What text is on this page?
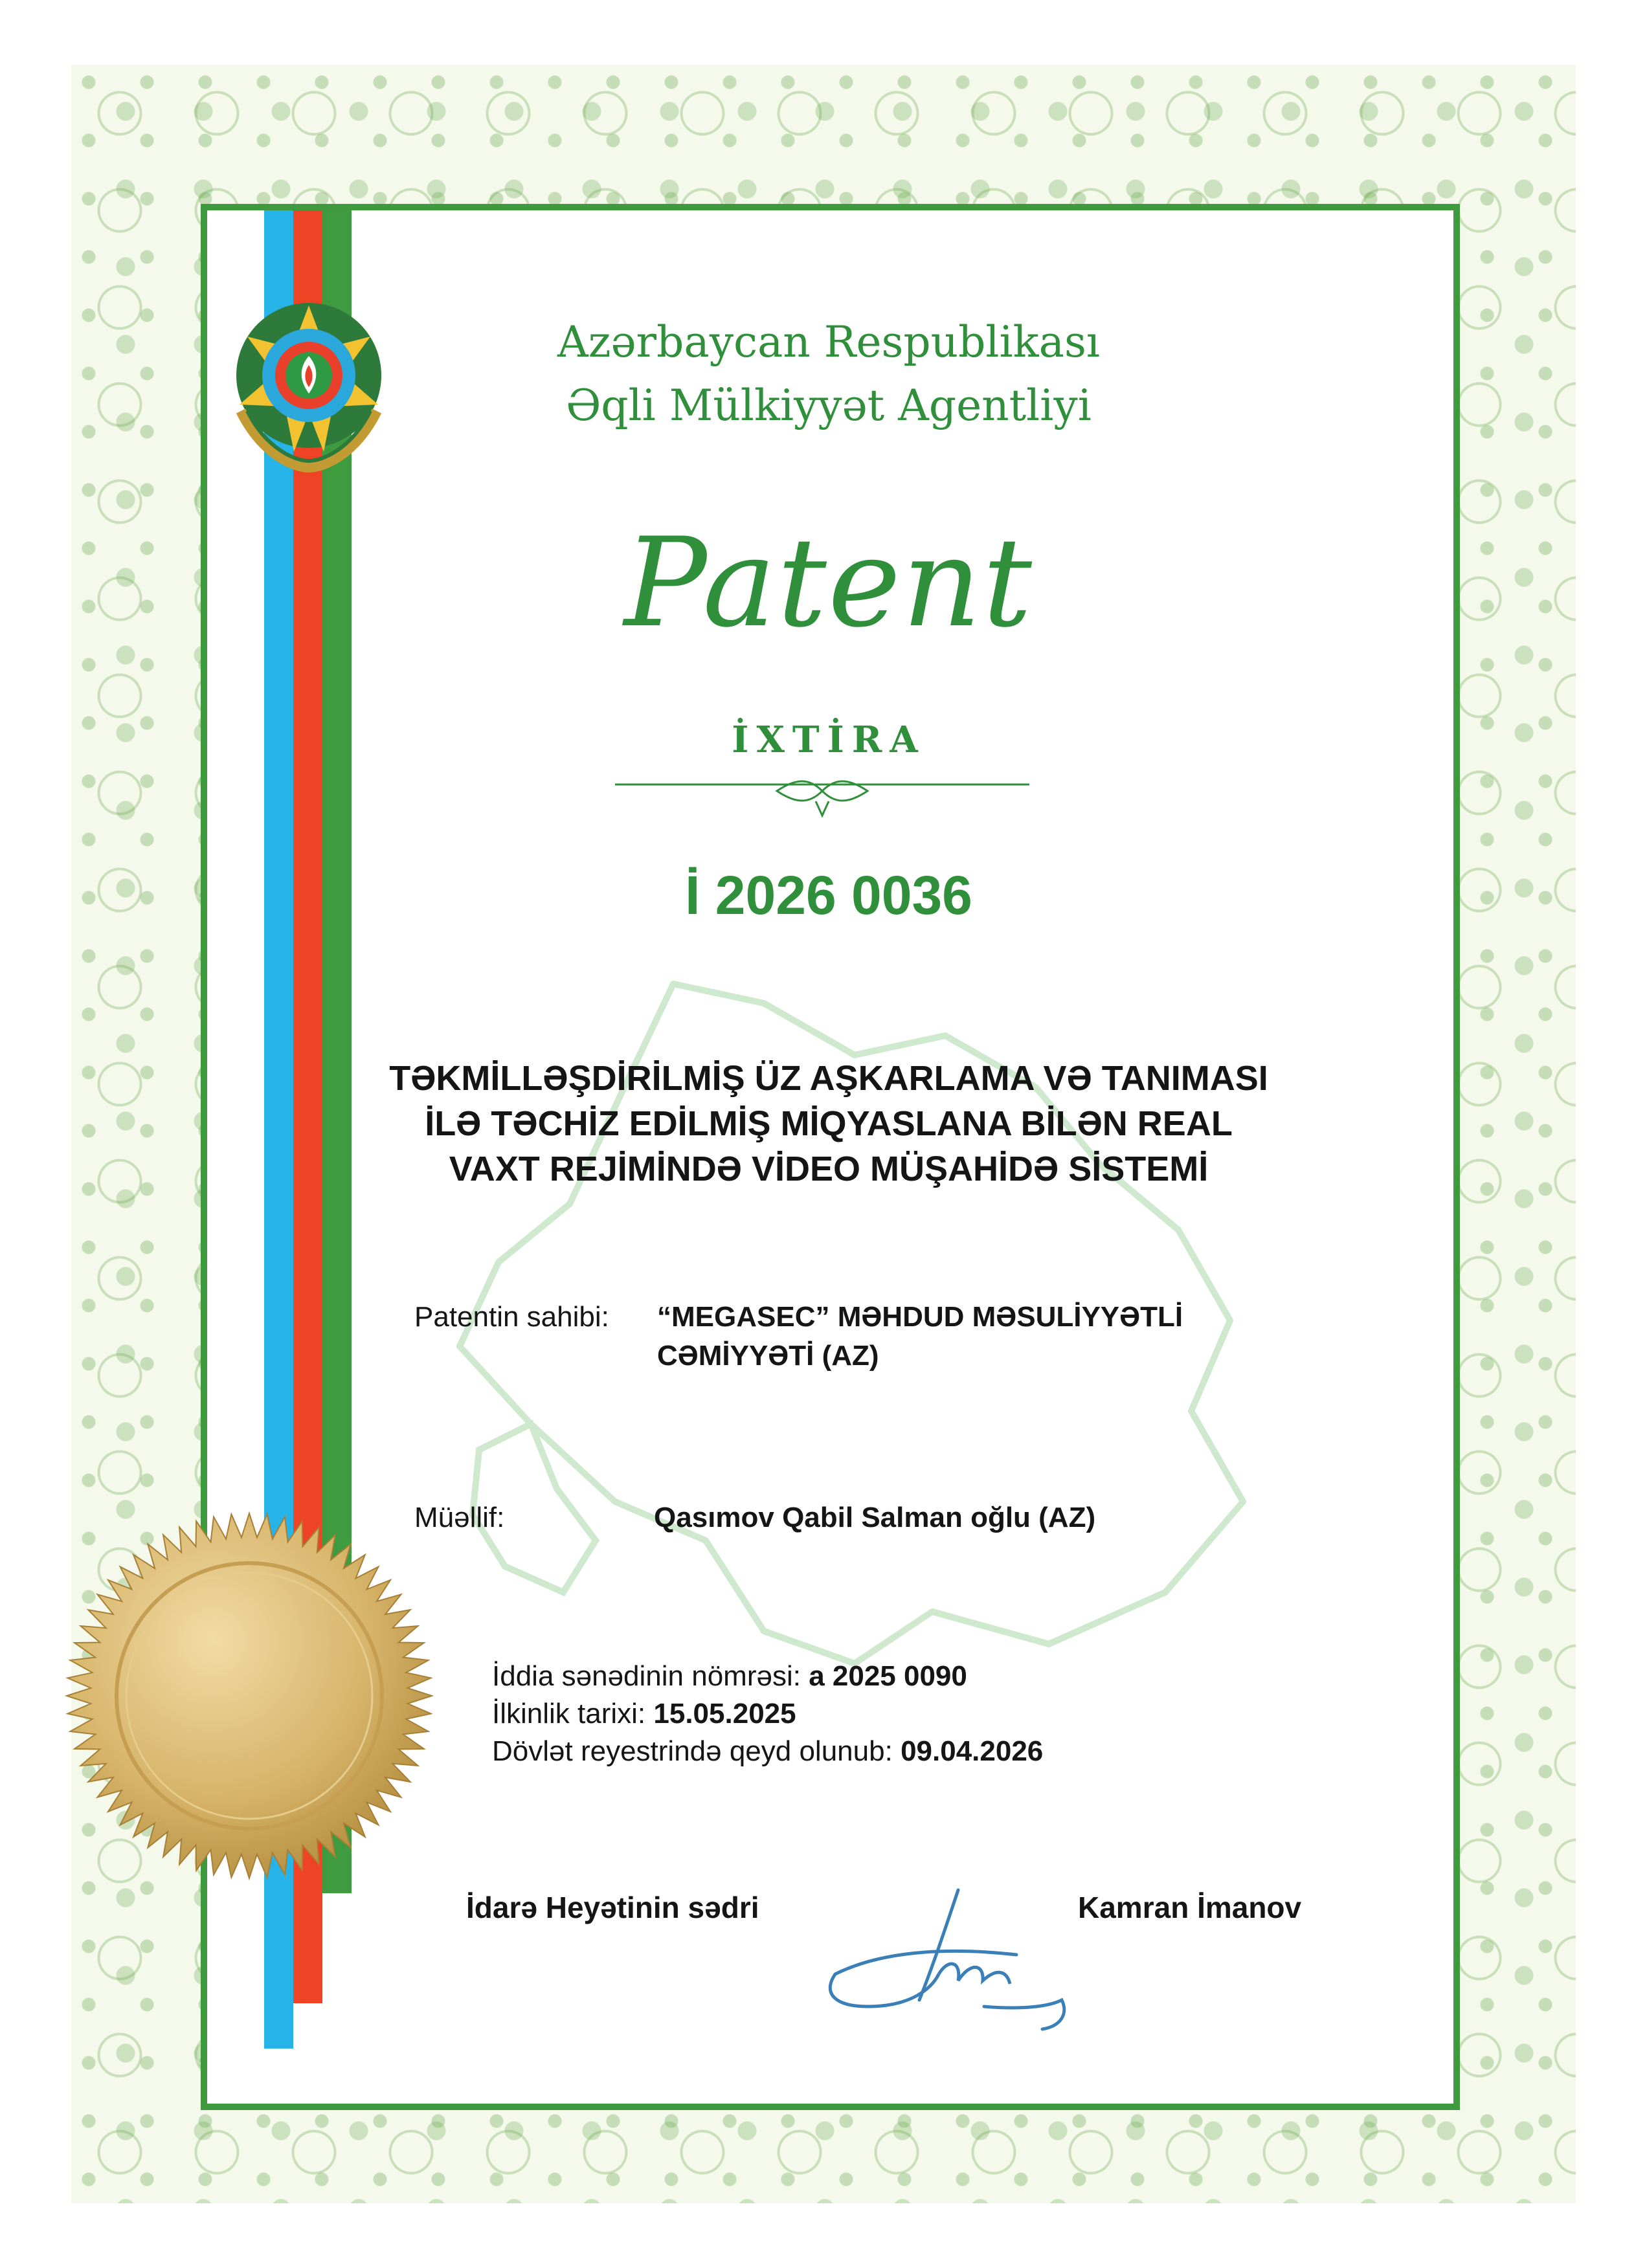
Azərbaycan Respublikası
Əqli Mülkiyyət Agentliyi
Patent
İXTİRA
İ 2026 0036
TƏKMİLLƏŞDİRİLMİŞ ÜZ AŞKARLAMA VƏ TANIMASI
İLƏ TƏCHİZ EDİLMİŞ MİQYASLANA BİLƏN REAL
VAXT REJİMİNDƏ VİDEO MÜŞAHİDƏ SİSTEMİ
Patentin sahibi: “MEGASEC” MƏHDUD MƏSULİYYƏTLİ
CƏMİYYƏTİ (AZ)
Müəllif:	Qasımov Qabil Salman oğlu (AZ)
İddia sənədinin nömrəsi: a 2025 0090
İlkinlik tarixi: 15.05.2025
Dövlət reyestrində qeyd olunub: 09.04.2026
İdarə Heyətinin sədri	Kamran İmanov
